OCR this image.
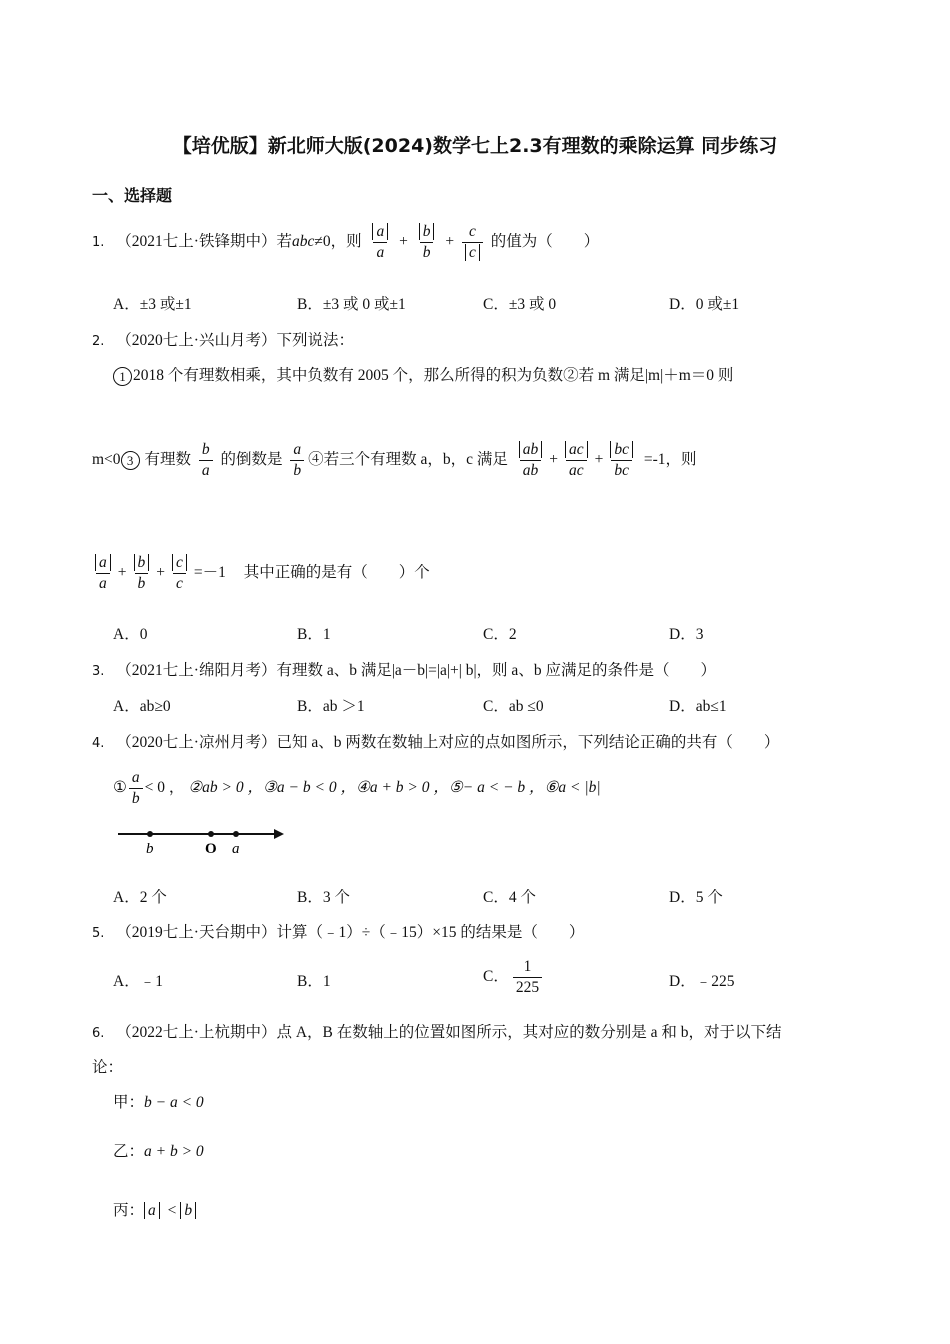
【培优版】新北师大版(2024)数学七上2.3有理数的乘除运算 同步练习
一、选择题
1. （2021七上·铁锋期中）若abc≠0，则 $\frac{a}{a} + \frac{b}{b} + \frac{c}{c}$ 的值为（　　）
A．±3 或±1	B．±3 或 0 或±1	C．±3 或 0	D．0 或±1
2. （2020七上·兴山月考）下列说法：
1 2018 个有理数相乘，其中负数有 2005 个，那么所得的积为负数②若 m 满足|m|＋m＝0 则
m<0 3 有理数 $\frac{b}{a}$ 的倒数是 $\frac{a}{b}$ ④若三个有理数 a，b，c 满足 $\frac{ab}{ab} + \frac{ac}{ac} + \frac{bc}{bc} =-1$，则
$\frac{a}{a} + \frac{b}{b} + \frac{c}{c} =-1$ 其中正确的是有（　　）个
A．0	B．1	C．2	D．3
3. （2021七上·绵阳月考）有理数 a、b 满足|a－b|=|a|+| b|，则 a、b 应满足的条件是（　　）
A．ab≥0	B．ab ＞1	C．ab ≤0	D．ab≤1
4. （2020七上·凉州月考）已知 a、b 两数在数轴上对应的点如图所示，下列结论正确的共有（　　）
① $\frac{a}{b} < 0$ ， ②ab > 0 ，③a − b < 0 ，④a + b > 0 ，⑤− a < − b ，⑥a < |b|
b	O a
A．2 个	B．3 个	C．4 个	D．5 个
5. （2019七上·天台期中）计算（﹣1）÷（﹣15）×15 的结果是（　　）
A．﹣1	B．1	C． $\frac{1}{225}$	D．﹣225
6. （2022七上·上杭期中）点 A，B 在数轴上的位置如图所示，其对应的数分别是 a 和 b，对于以下结
论：
甲：b − a < 0
乙：a + b > 0
丙： a < b
